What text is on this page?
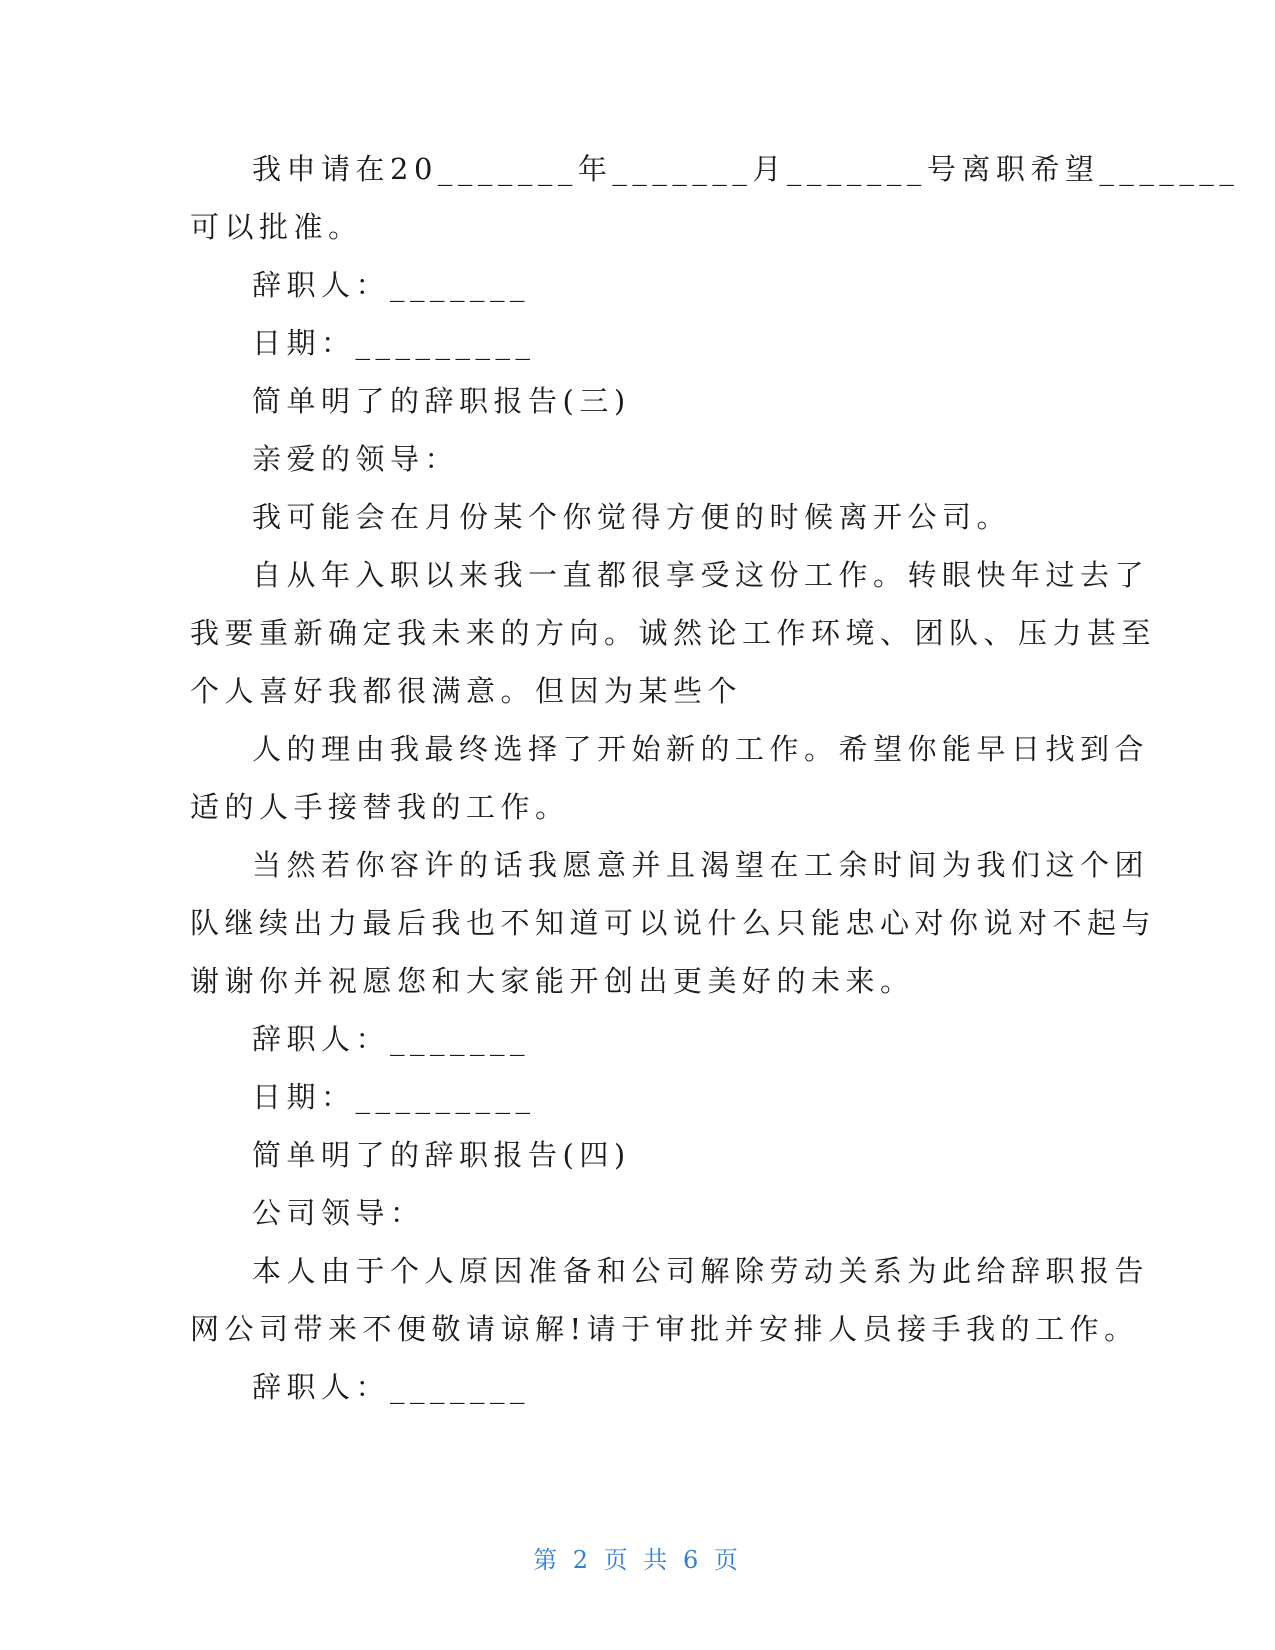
我申请在20_______年_______月_______号离职希望_______
可以批准。
辞职人：_______
日期：_________
简单明了的辞职报告(三)
亲爱的领导：
我可能会在月份某个你觉得方便的时候离开公司。
自从年入职以来我一直都很享受这份工作。转眼快年过去了
我要重新确定我未来的方向。诚然论工作环境、团队、压力甚至
个人喜好我都很满意。但因为某些个
人的理由我最终选择了开始新的工作。希望你能早日找到合
适的人手接替我的工作。
当然若你容许的话我愿意并且渴望在工余时间为我们这个团
队继续出力最后我也不知道可以说什么只能忠心对你说对不起与
谢谢你并祝愿您和大家能开创出更美好的未来。
辞职人：_______
日期：_________
简单明了的辞职报告(四)
公司领导：
本人由于个人原因准备和公司解除劳动关系为此给辞职报告
网公司带来不便敬请谅解!请于审批并安排人员接手我的工作。
辞职人：_______
第 2 页 共 6 页
